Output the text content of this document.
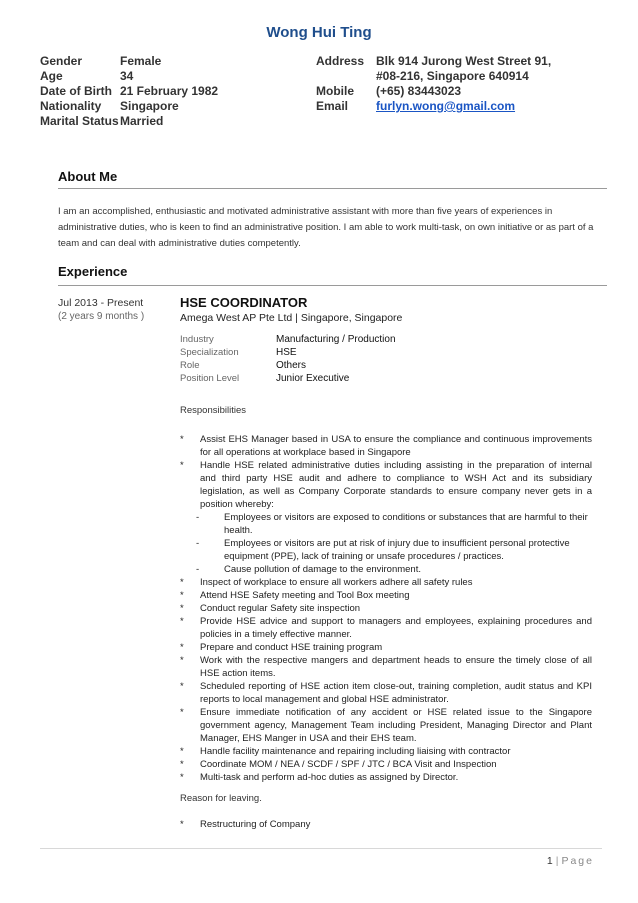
Wong Hui Ting
Gender	Female
Age	34
Date of Birth 21 February 1982
Nationality	Singapore
Marital Status Married
Address Blk 914 Jurong West Street 91,
#08-216, Singapore 640914
Mobile	(+65) 83443023
Email	furlyn.wong@gmail.com
About Me
I am an accomplished, enthusiastic and motivated administrative assistant with more than five years of experiences in administrative duties, who is keen to find an administrative position. I am able to work multi-task, on own initiative or as part of a team and can deal with administrative duties competently.
Experience
Jul 2013 - Present
(2 years 9 months )
HSE COORDINATOR
Amega West AP Pte Ltd | Singapore, Singapore
Industry	Manufacturing / Production
Specialization	HSE
Role	Others
Position Level	Junior Executive
Responsibilities
*	Assist EHS Manager based in USA to ensure the compliance and continuous improvements for all operations at workplace based in Singapore
*	Handle HSE related administrative duties including assisting in the preparation of internal and third party HSE audit and adhere to compliance to WSH Act and its subsidiary legislation, as well as Company Corporate standards to ensure company never gets in a position whereby:
-	Employees or visitors are exposed to conditions or substances that are harmful to their health.
-	Employees or visitors are put at risk of injury due to insufficient personal protective equipment (PPE), lack of training or unsafe procedures / practices.
-	Cause pollution of damage to the environment.
*	Inspect of workplace to ensure all workers adhere all safety rules
*	Attend HSE Safety meeting and Tool Box meeting
*	Conduct regular Safety site inspection
*	Provide HSE advice and support to managers and employees, explaining procedures and policies in a timely effective manner.
*	Prepare and conduct HSE training program
*	Work with the respective mangers and department heads to ensure the timely close of all HSE action items.
*	Scheduled reporting of HSE action item close-out, training completion, audit status and KPI reports to local management and global HSE administrator.
*	Ensure immediate notification of any accident or HSE related issue to the Singapore government agency, Management Team including President, Managing Director and Plant Manager, EHS Manger in USA and their EHS team.
*	Handle facility maintenance and repairing including liaising with contractor
*	Coordinate MOM / NEA / SCDF / SPF / JTC / BCA Visit and Inspection
*	Multi-task and perform ad-hoc duties as assigned by Director.
Reason for leaving.
*	Restructuring of Company
1 | Page
